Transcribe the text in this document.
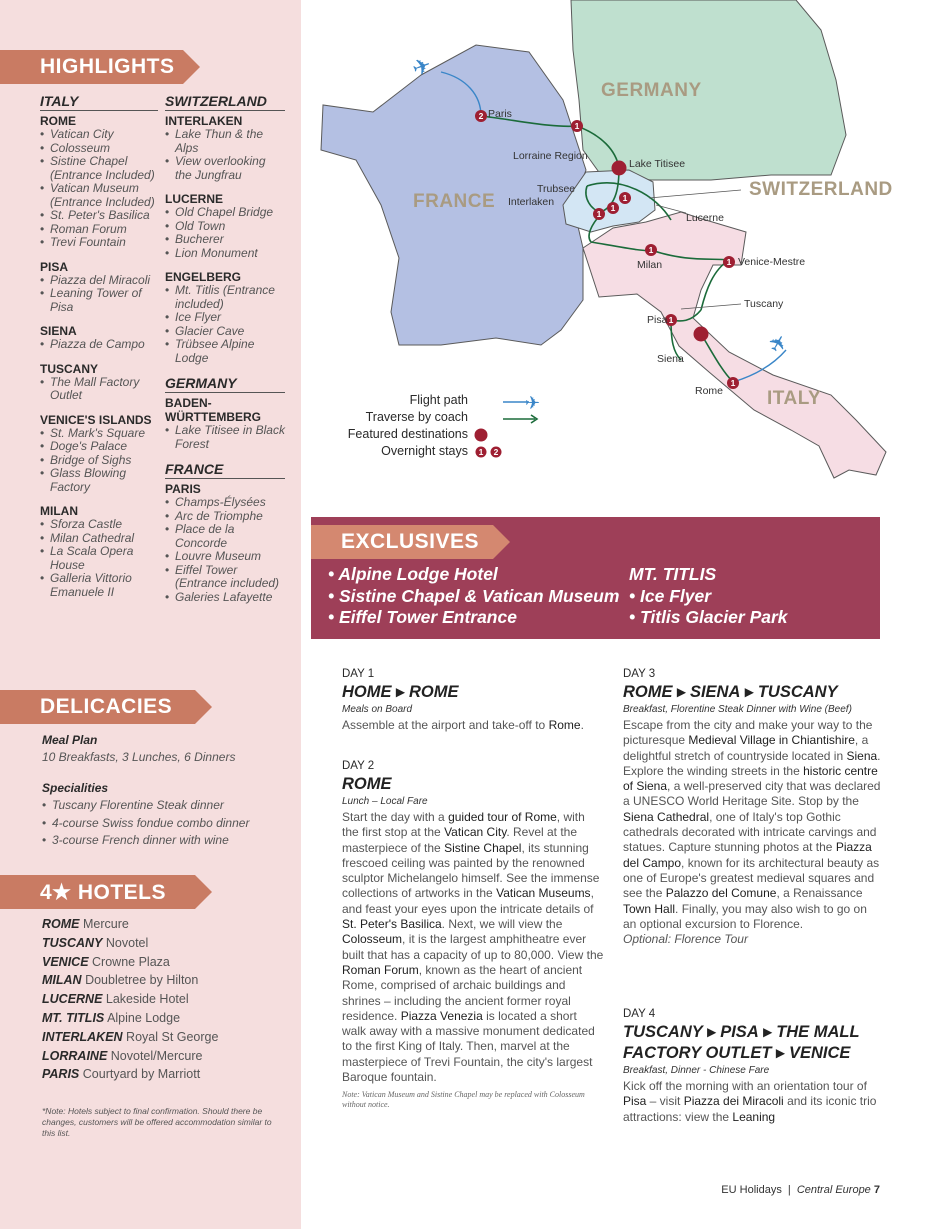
HIGHLIGHTS
ITALY
ROME
• Vatican City
• Colosseum
• Sistine Chapel (Entrance Included)
• Vatican Museum (Entrance Included)
• St. Peter's Basilica
• Roman Forum
• Trevi Fountain
PISA
• Piazza del Miracoli
• Leaning Tower of Pisa
SIENA
• Piazza de Campo
TUSCANY
• The Mall Factory Outlet
VENICE'S ISLANDS
• St. Mark's Square
• Doge's Palace
• Bridge of Sighs
• Glass Blowing Factory
MILAN
• Sforza Castle
• Milan Cathedral
• La Scala Opera House
• Galleria Vittorio Emanuele II
SWITZERLAND
INTERLAKEN
• Lake Thun & the Alps
• View overlooking the Jungfrau
LUCERNE
• Old Chapel Bridge
• Old Town
• Bucherer
• Lion Monument
ENGELBERG
• Mt. Titlis (Entrance included)
• Ice Flyer
• Glacier Cave
• Trübsee Alpine Lodge
GERMANY
BADEN-WÜRTTEMBERG
• Lake Titisee in Black Forest
FRANCE
PARIS
• Champs-Élysées
• Arc de Triomphe
• Place de la Concorde
• Louvre Museum
• Eiffel Tower (Entrance included)
• Galeries Lafayette
DELICACIES
Meal Plan
10 Breakfasts, 3 Lunches, 6 Dinners
Specialities
• Tuscany Florentine Steak dinner
• 4-course Swiss fondue combo dinner
• 3-course French dinner with wine
4★ HOTELS
ROME Mercure
TUSCANY Novotel
VENICE Crowne Plaza
MILAN Doubletree by Hilton
LUCERNE Lakeside Hotel
MT. TITLIS Alpine Lodge
INTERLAKEN Royal St George
LORRAINE Novotel/Mercure
PARIS Courtyard by Marriott
*Note: Hotels subject to final confirmation. Should there be changes, customers will be offered accommodation similar to this list.
✈
✈
2
1
1
1
1
1
1
1
1
✈
1 2
GERMANY
SWITZERLAND
FRANCE
ITALY
Paris
Lorraine Region
Lake Titisee
Trubsee
Interlaken
Lucerne
Milan	Venice-Mestre
Tuscany
Pisa
Siena
Rome
Flight path
Traverse by coach
Featured destinations
Overnight stays
EXCLUSIVES
• Alpine Lodge Hotel
• Sistine Chapel & Vatican Museum
• Eiffel Tower Entrance
MT. TITLIS
• Ice Flyer
• Titlis Glacier Park
DAY 1
HOME ▸ ROME
Meals on Board
Assemble at the airport and take-off to Rome.
DAY 2
ROME
Lunch – Local Fare
Start the day with a guided tour of Rome, with the first stop at the Vatican City. Revel at the masterpiece of the Sistine Chapel, its stunning frescoed ceiling was painted by the renowned sculptor Michelangelo himself. See the immense collections of artworks in the Vatican Museums, and feast your eyes upon the intricate details of St. Peter's Basilica. Next, we will view the Colosseum, it is the largest amphitheatre ever built that has a capacity of up to 80,000. View the Roman Forum, known as the heart of ancient Rome, comprised of archaic buildings and shrines – including the ancient former royal residence. Piazza Venezia is located a short walk away with a massive monument dedicated to the first King of Italy. Then, marvel at the masterpiece of Trevi Fountain, the city's largest Baroque fountain.
Note: Vatican Museum and Sistine Chapel may be replaced with Colosseum without notice.
DAY 3
ROME ▸ SIENA ▸ TUSCANY
Breakfast, Florentine Steak Dinner with Wine (Beef)
Escape from the city and make your way to the picturesque Medieval Village in Chiantishire, a delightful stretch of countryside located in Siena. Explore the winding streets in the historic centre of Siena, a well-preserved city that was declared a UNESCO World Heritage Site. Stop by the Siena Cathedral, one of Italy's top Gothic cathedrals decorated with intricate carvings and statues. Capture stunning photos at the Piazza del Campo, known for its architectural beauty as one of Europe's greatest medieval squares and see the Palazzo del Comune, a Renaissance Town Hall. Finally, you may also wish to go on an optional excursion to Florence.
Optional: Florence Tour
DAY 4
TUSCANY ▸ PISA ▸ THE MALL FACTORY OUTLET ▸ VENICE
Breakfast, Dinner - Chinese Fare
Kick off the morning with an orientation tour of Pisa – visit Piazza dei Miracoli and its iconic trio attractions: view the Leaning
EU Holidays | Central Europe 7
